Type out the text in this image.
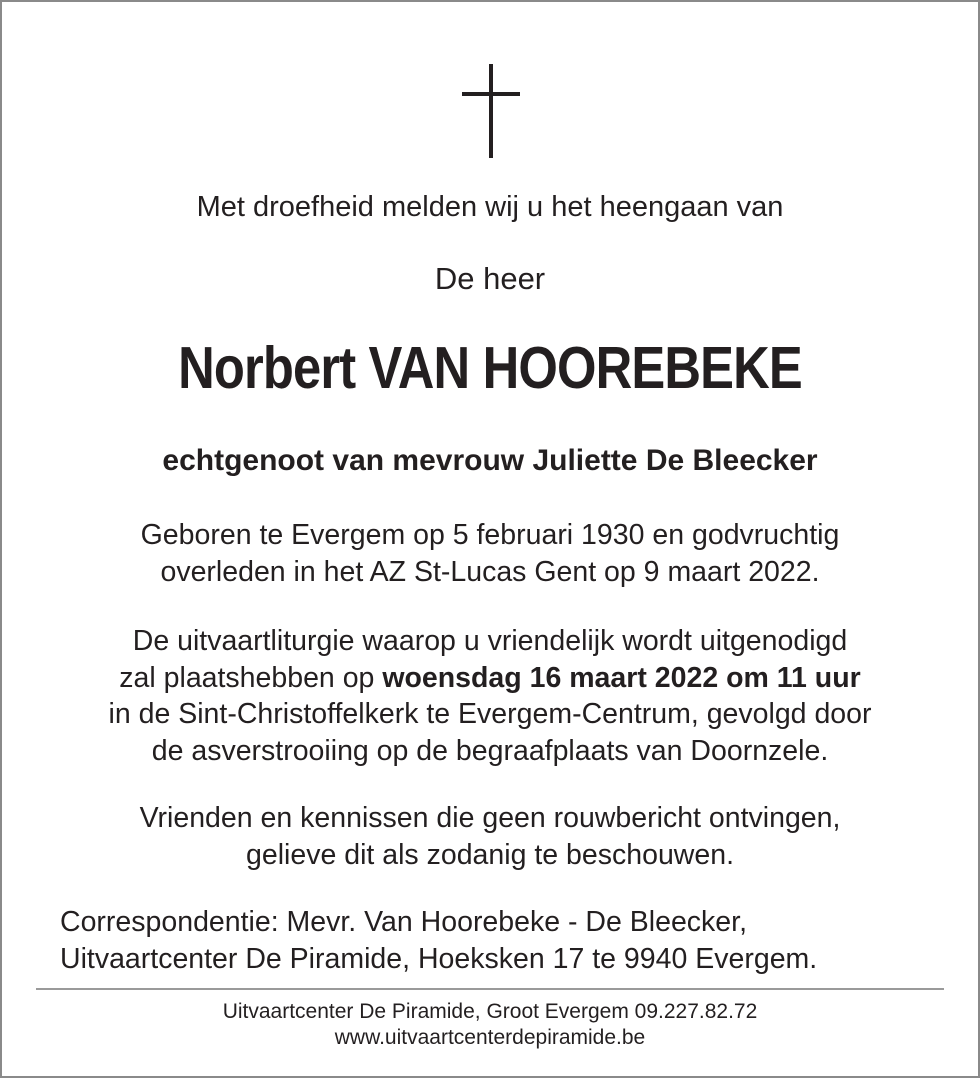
Met droefheid melden wij u het heengaan van
De heer
Norbert VAN HOOREBEKE
echtgenoot van mevrouw Juliette De Bleecker
Geboren te Evergem op 5 februari 1930 en godvruchtig
overleden in het AZ St-Lucas Gent op 9 maart 2022.
De uitvaartliturgie waarop u vriendelijk wordt uitgenodigd
zal plaatshebben op woensdag 16 maart 2022 om 11 uur
in de Sint-Christoffelkerk te Evergem-Centrum, gevolgd door
de asverstrooiing op de begraafplaats van Doornzele.
Vrienden en kennissen die geen rouwbericht ontvingen,
gelieve dit als zodanig te beschouwen.
Correspondentie: Mevr. Van Hoorebeke - De Bleecker,
Uitvaartcenter De Piramide, Hoeksken 17 te 9940 Evergem.
Uitvaartcenter De Piramide, Groot Evergem 09.227.82.72
www.uitvaartcenterdepiramide.be
